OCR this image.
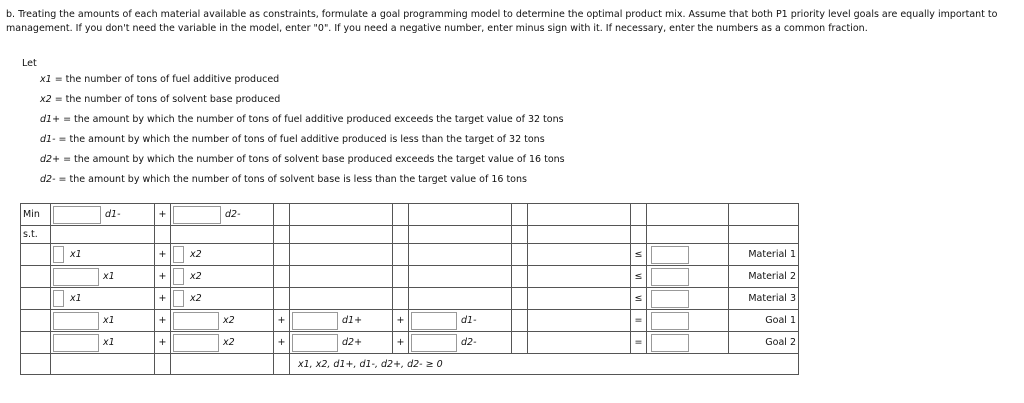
b. Treating the amounts of each material available as constraints, formulate a goal programming model to determine the optimal product mix. Assume that both P1 priority level goals are equally important to management. If you don't need the variable in the model, enter "0". If you need a negative number, enter minus sign with it. If necessary, enter the numbers as a common fraction.
Let
x1 = the number of tons of fuel additive produced
x2 = the number of tons of solvent base produced
d1+ = the amount by which the number of tons of fuel additive produced exceeds the target value of 32 tons
d1- = the amount by which the number of tons of fuel additive produced is less than the target of 32 tons
d2+ = the amount by which the number of tons of solvent base produced exceeds the target value of 16 tons
d2- = the amount by which the number of tons of solvent base is less than the target value of 16 tons
Min	d1-	+	d2-									
s.t.												
	x1	+	x2							≤		Material 1
	x1	+	x2							≤		Material 2
	x1	+	x2							≤		Material 3
	x1	+	x2	+	d1+	+	d1-			=		Goal 1
	x1	+	x2	+	d2+	+	d2-			=		Goal 2
					x1, x2, d1+, d1-, d2+, d2- ≥ 0							
